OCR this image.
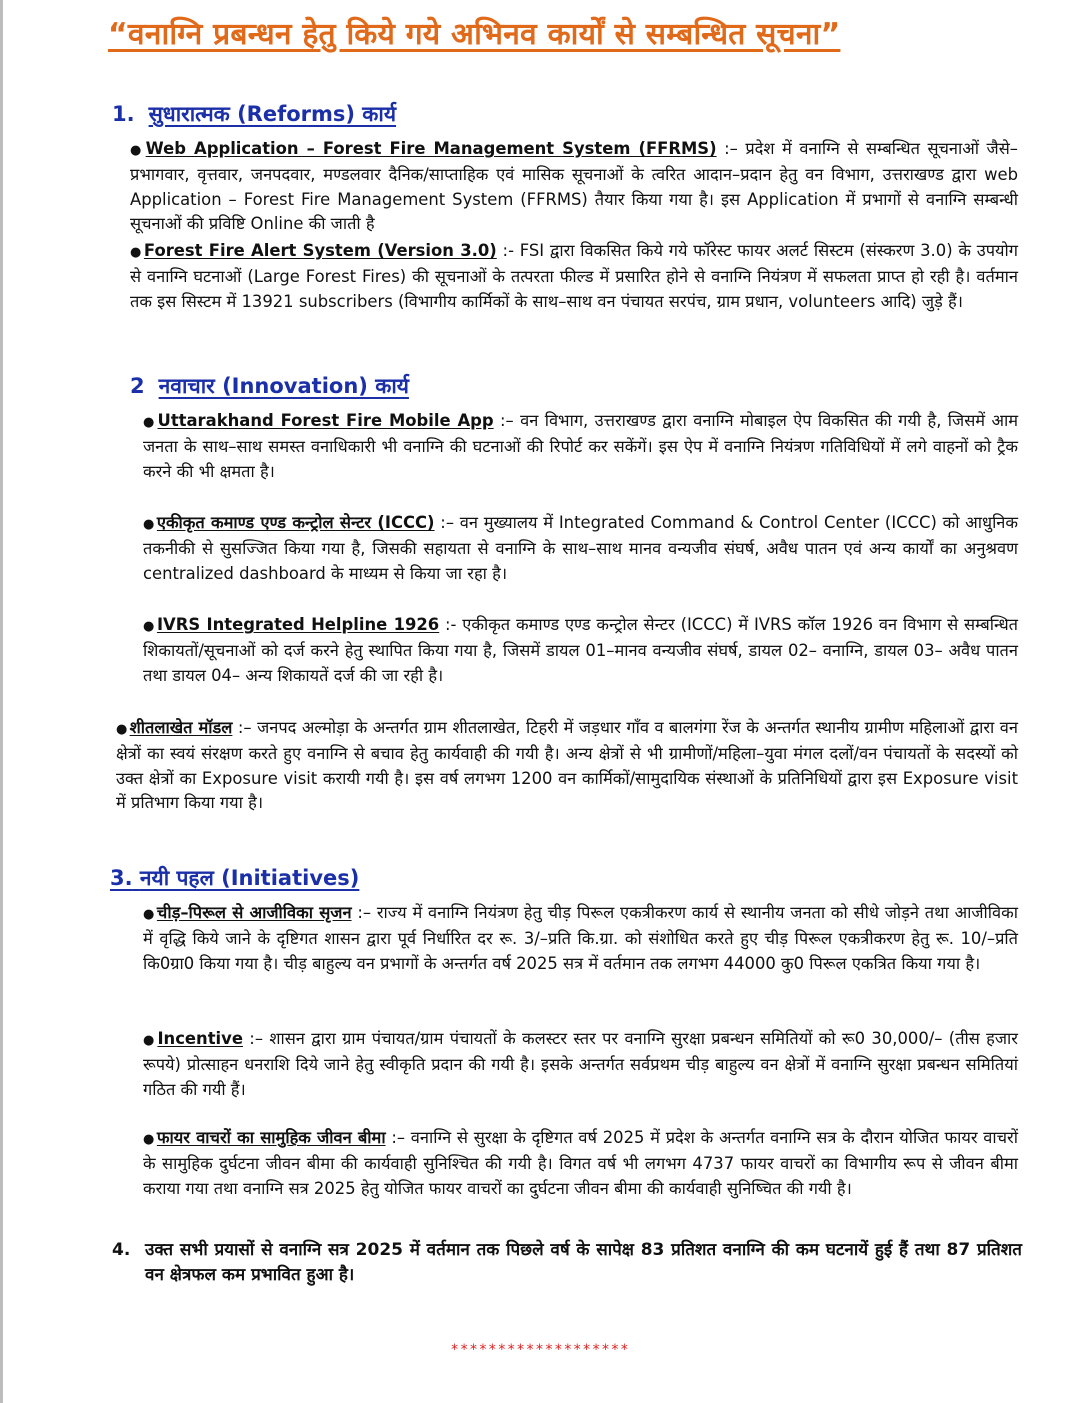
“वनाग्नि प्रबन्धन हेतु किये गये अभिनव कार्यों से सम्बन्धित सूचना”
1. सुधारात्मक (Reforms) कार्य
● Web Application – Forest Fire Management System (FFRMS) :– प्रदेश में वनाग्नि से सम्बन्धित सूचनाओं जैसे–प्रभागवार, वृत्तवार, जनपदवार, मण्डलवार दैनिक/साप्ताहिक एवं मासिक सूचनाओं के त्वरित आदान–प्रदान हेतु वन विभाग, उत्तराखण्ड द्वारा web Application – Forest Fire Management System (FFRMS) तैयार किया गया है। इस Application में प्रभागों से वनाग्नि सम्बन्धी सूचनाओं की प्रविष्टि Online की जाती है
● Forest Fire Alert System (Version 3.0) :- FSI द्वारा विकसित किये गये फॉरेस्ट फायर अलर्ट सिस्टम (संस्करण 3.0) के उपयोग से वनाग्नि घटनाओं (Large Forest Fires) की सूचनाओं के तत्परता फील्ड में प्रसारित होने से वनाग्नि नियंत्रण में सफलता प्राप्त हो रही है। वर्तमान तक इस सिस्टम में 13921 subscribers (विभागीय कार्मिकों के साथ–साथ वन पंचायत सरपंच, ग्राम प्रधान, volunteers आदि) जुड़े हैं।
2 नवाचार (Innovation) कार्य
● Uttarakhand Forest Fire Mobile App :– वन विभाग, उत्तराखण्ड द्वारा वनाग्नि मोबाइल ऐप विकसित की गयी है, जिसमें आम जनता के साथ–साथ समस्त वनाधिकारी भी वनाग्नि की घटनाओं की रिपोर्ट कर सकेंगें। इस ऐप में वनाग्नि नियंत्रण गतिविधियों में लगे वाहनों को ट्रैक करने की भी क्षमता है।
● एकीकृत कमाण्ड एण्ड कन्ट्रोल सेन्टर (ICCC) :– वन मुख्यालय में Integrated Command & Control Center (ICCC) को आधुनिक तकनीकी से सुसज्जित किया गया है, जिसकी सहायता से वनाग्नि के साथ–साथ मानव वन्यजीव संघर्ष, अवैध पातन एवं अन्य कार्यों का अनुश्रवण centralized dashboard के माध्यम से किया जा रहा है।
● IVRS Integrated Helpline 1926 :- एकीकृत कमाण्ड एण्ड कन्ट्रोल सेन्टर (ICCC) में IVRS कॉल 1926 वन विभाग से सम्बन्धित शिकायतों/सूचनाओं को दर्ज करने हेतु स्थापित किया गया है, जिसमें डायल 01–मानव वन्यजीव संघर्ष, डायल 02– वनाग्नि, डायल 03– अवैध पातन तथा डायल 04– अन्य शिकायतें दर्ज की जा रही है।
● शीतलाखेत मॉडल :– जनपद अल्मोड़ा के अन्तर्गत ग्राम शीतलाखेत, टिहरी में जड़धार गाँव व बालगंगा रेंज के अन्तर्गत स्थानीय ग्रामीण महिलाओं द्वारा वन क्षेत्रों का स्वयं संरक्षण करते हुए वनाग्नि से बचाव हेतु कार्यवाही की गयी है। अन्य क्षेत्रों से भी ग्रामीणों/महिला–युवा मंगल दलों/वन पंचायतों के सदस्यों को उक्त क्षेत्रों का Exposure visit करायी गयी है। इस वर्ष लगभग 1200 वन कार्मिकों/सामुदायिक संस्थाओं के प्रतिनिधियों द्वारा इस Exposure visit में प्रतिभाग किया गया है।
3. नयी पहल (Initiatives)
● चीड़–पिरूल से आजीविका सृजन :– राज्य में वनाग्नि नियंत्रण हेतु चीड़ पिरूल एकत्रीकरण कार्य से स्थानीय जनता को सीधे जोड़ने तथा आजीविका में वृद्धि किये जाने के दृष्टिगत शासन द्वारा पूर्व निर्धारित दर रू. 3/–प्रति कि.ग्रा. को संशोधित करते हुए चीड़ पिरूल एकत्रीकरण हेतु रू. 10/–प्रति कि0ग्रा0 किया गया है। चीड़ बाहुल्य वन प्रभागों के अन्तर्गत वर्ष 2025 सत्र में वर्तमान तक लगभग 44000 कु0 पिरूल एकत्रित किया गया है।
● Incentive :– शासन द्वारा ग्राम पंचायत/ग्राम पंचायतों के कलस्टर स्तर पर वनाग्नि सुरक्षा प्रबन्धन समितियों को रू0 30,000/– (तीस हजार रूपये) प्रोत्साहन धनराशि दिये जाने हेतु स्वीकृति प्रदान की गयी है। इसके अन्तर्गत सर्वप्रथम चीड़ बाहुल्य वन क्षेत्रों में वनाग्नि सुरक्षा प्रबन्धन समितियां गठित की गयी हैं।
● फायर वाचरों का सामुहिक जीवन बीमा :– वनाग्नि से सुरक्षा के दृष्टिगत वर्ष 2025 में प्रदेश के अन्तर्गत वनाग्नि सत्र के दौरान योजित फायर वाचरों के सामुहिक दुर्घटना जीवन बीमा की कार्यवाही सुनिश्चित की गयी है। विगत वर्ष भी लगभग 4737 फायर वाचरों का विभागीय रूप से जीवन बीमा कराया गया तथा वनाग्नि सत्र 2025 हेतु योजित फायर वाचरों का दुर्घटना जीवन बीमा की कार्यवाही सुनिष्चित की गयी है।
4. उक्त सभी प्रयासों से वनाग्नि सत्र 2025 में वर्तमान तक पिछले वर्ष के सापेक्ष 83 प्रतिशत वनाग्नि की कम घटनायें हुई हैं तथा 87 प्रतिशत वन क्षेत्रफल कम प्रभावित हुआ है।
*******************
